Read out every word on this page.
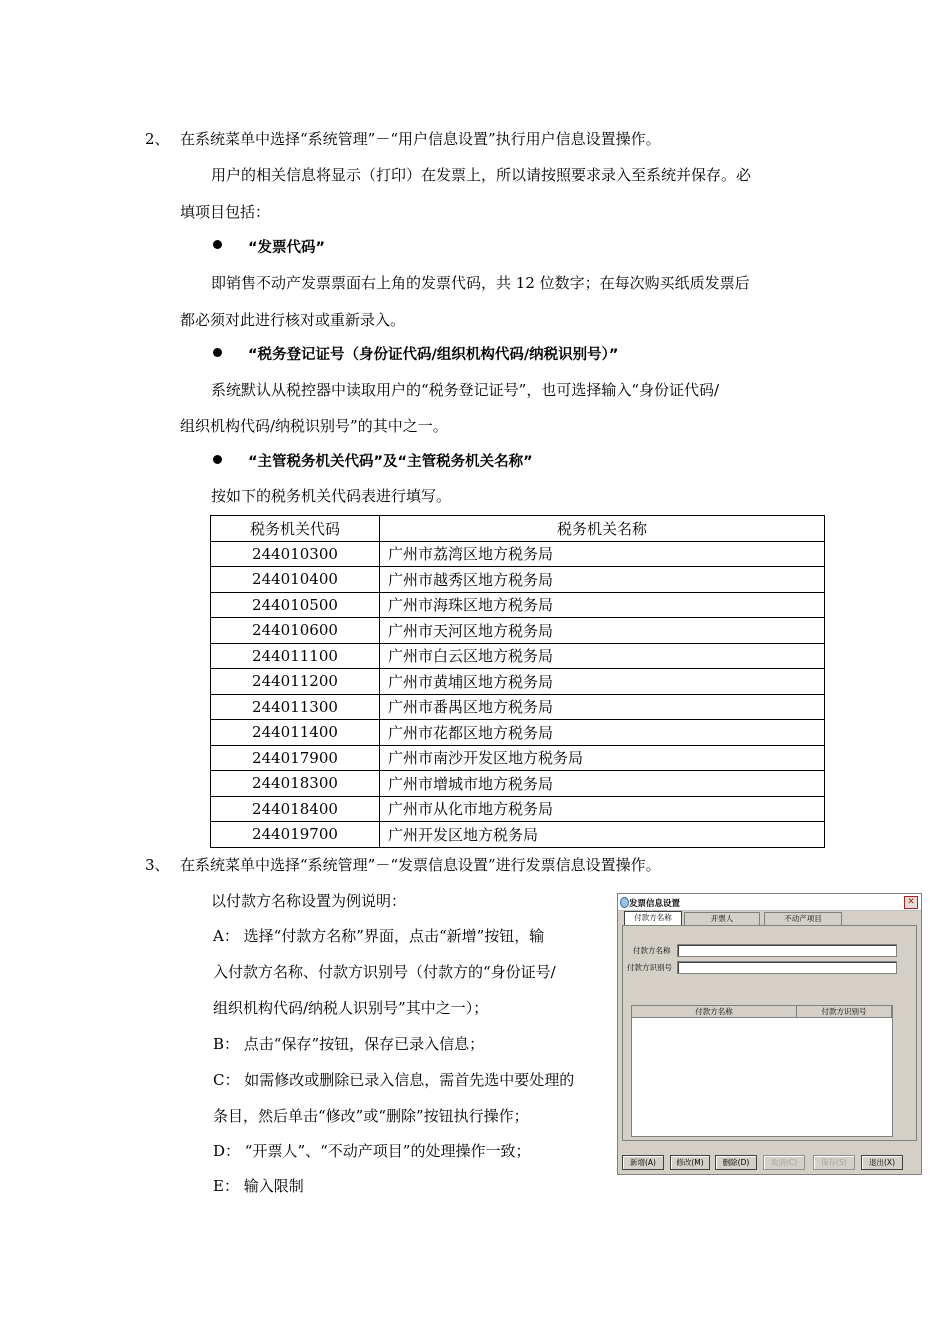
2、 在系统菜单中选择“系统管理”－“用户信息设置”执行用户信息设置操作。
用户的相关信息将显示（打印）在发票上，所以请按照要求录入至系统并保存。必
填项目包括：
“发票代码”
即销售不动产发票票面右上角的发票代码，共 12 位数字；在每次购买纸质发票后
都必须对此进行核对或重新录入。
“税务登记证号（身份证代码/组织机构代码/纳税识别号）”
系统默认从税控器中读取用户的“税务登记证号”，也可选择输入“身份证代码/
组织机构代码/纳税识别号”的其中之一。
“主管税务机关代码”及“主管税务机关名称”
按如下的税务机关代码表进行填写。
税务机关代码	税务机关名称
244010300	广州市荔湾区地方税务局
244010400	广州市越秀区地方税务局
244010500	广州市海珠区地方税务局
244010600	广州市天河区地方税务局
244011100	广州市白云区地方税务局
244011200	广州市黄埔区地方税务局
244011300	广州市番禺区地方税务局
244011400	广州市花都区地方税务局
244017900	广州市南沙开发区地方税务局
244018300	广州市增城市地方税务局
244018400	广州市从化市地方税务局
244019700	广州开发区地方税务局
3、 在系统菜单中选择“系统管理”－“发票信息设置”进行发票信息设置操作。
以付款方名称设置为例说明：
A： 选择“付款方名称”界面，点击“新增”按钮，输
入付款方名称、付款方识别号（付款方的“身份证号/
组织机构代码/纳税人识别号”其中之一）；
B： 点击“保存”按钮，保存已录入信息；
C： 如需修改或删除已录入信息，需首先选中要处理的
条目，然后单击“修改”或“删除”按钮执行操作；
D： “开票人”、“不动产项目”的处理操作一致；
E： 输入限制
发票信息设置	✕
付款方名称	开票人	不动产项目
付款方名称
付款方识别号
付款方名称	付款方识别号
新增(A)	修改(M)	删除(D)	取消(C)	保存(S)	退出(X)
